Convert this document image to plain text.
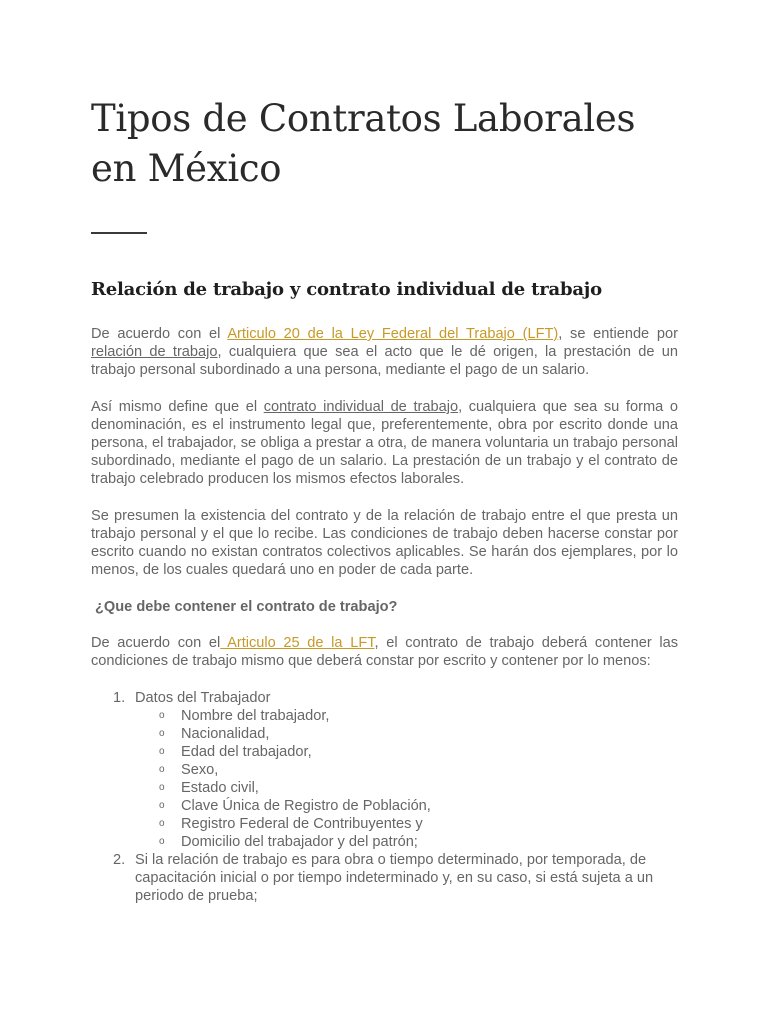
Tipos de Contratos Laborales en México
Relación de trabajo y contrato individual de trabajo

De acuerdo con el Articulo 20 de la Ley Federal del Trabajo (LFT), se entiende por relación de trabajo, cualquiera que sea el acto que le dé origen, la prestación de un trabajo personal subordinado a una persona, mediante el pago de un salario.

Así mismo define que el contrato individual de trabajo, cualquiera que sea su forma o denominación, es el instrumento legal que, preferentemente, obra por escrito donde una persona, el trabajador, se obliga a prestar a otra, de manera voluntaria un trabajo personal subordinado, mediante el pago de un salario. La prestación de un trabajo y el contrato de trabajo celebrado producen los mismos efectos laborales.

Se presumen la existencia del contrato y de la relación de trabajo entre el que presta un trabajo personal y el que lo recibe. Las condiciones de trabajo deben hacerse constar por escrito cuando no existan contratos colectivos aplicables. Se harán dos ejemplares, por lo menos, de los cuales quedará uno en poder de cada parte.

¿Que debe contener el contrato de trabajo?

De acuerdo con el Articulo 25 de la LFT, el contrato de trabajo deberá contener las condiciones de trabajo mismo que deberá constar por escrito y contener por lo menos:

1. Datos del Trabajador
o Nombre del trabajador,
o Nacionalidad,
o Edad del trabajador,
o Sexo,
o Estado civil,
o Clave Única de Registro de Población,
o Registro Federal de Contribuyentes y
o Domicilio del trabajador y del patrón;
2. Si la relación de trabajo es para obra o tiempo determinado, por temporada, de capacitación inicial o por tiempo indeterminado y, en su caso, si está sujeta a un periodo de prueba;
